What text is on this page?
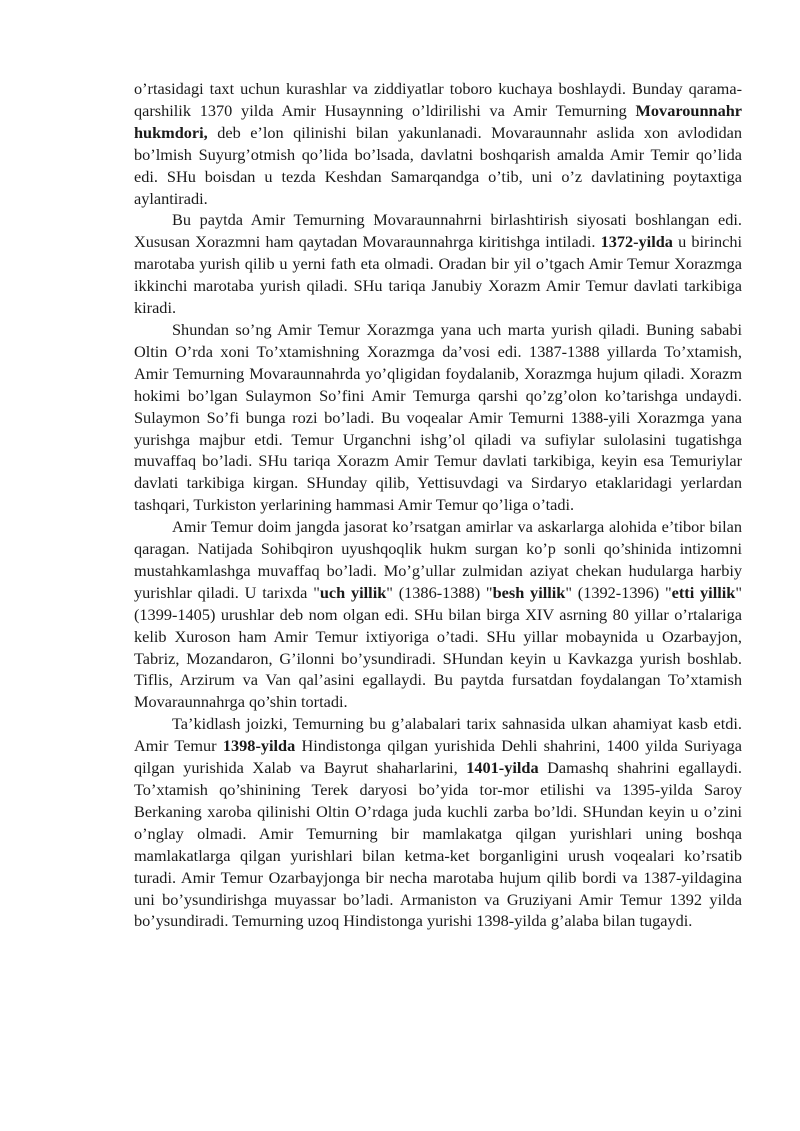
o’rtasidagi taxt uchun kurashlar va ziddiyatlar toboro kuchaya boshlaydi. Bunday qarama-qarshilik 1370 yilda Amir Husaynning o’ldirilishi va Amir Temurning Movarounnahr hukmdori, deb e’lon qilinishi bilan yakunlanadi. Movaraunnahr aslida xon avlodidan bo’lmish Suyurg’otmish qo’lida bo’lsada, davlatni boshqarish amalda Amir Temir qo’lida edi. SHu boisdan u tezda Keshdan Samarqandga o’tib, uni o’z davlatining poytaxtiga aylantiradi.

Bu paytda Amir Temurning Movaraunnahrni birlashtirish siyosati boshlangan edi. Xususan Xorazmni ham qaytadan Movaraunnahrga kiritishga intiladi. 1372-yilda u birinchi marotaba yurish qilib u yerni fath eta olmadi. Oradan bir yil o’tgach Amir Temur Xorazmga ikkinchi marotaba yurish qiladi. SHu tariqa Janubiy Xorazm Amir Temur davlati tarkibiga kiradi.

Shundan so’ng Amir Temur Xorazmga yana uch marta yurish qiladi. Buning sababi Oltin O’rda xoni To’xtamishning Xorazmga da’vosi edi. 1387-1388 yillarda To’xtamish, Amir Temurning Movaraunnahrda yo’qligidan foydalanib, Xorazmga hujum qiladi. Xorazm hokimi bo’lgan Sulaymon So’fini Amir Temurga qarshi qo’zg’olon ko’tarishga undaydi. Sulaymon So’fi bunga rozi bo’ladi. Bu voqealar Amir Temurni 1388-yili Xorazmga yana yurishga majbur etdi. Temur Urganchni ishg’ol qiladi va sufiylar sulolasini tugatishga muvaffaq bo’ladi. SHu tariqa Xorazm Amir Temur davlati tarkibiga, keyin esa Temuriylar davlati tarkibiga kirgan. SHunday qilib, Yettisuvdagi va Sirdaryo etaklaridagi yerlardan tashqari, Turkiston yerlarining hammasi Amir Temur qo’liga o’tadi.

Amir Temur doim jangda jasorat ko’rsatgan amirlar va askarlarga alohida e’tibor bilan qaragan. Natijada Sohibqiron uyushqoqlik hukm surgan ko’p sonli qo’shinida intizomni mustahkamlashga muvaffaq bo’ladi. Mo’g’ullar zulmidan aziyat chekan hudularga harbiy yurishlar qiladi. U tarixda "uch yillik" (1386-1388) "besh yillik" (1392-1396) "etti yillik" (1399-1405) urushlar deb nom olgan edi. SHu bilan birga XIV asrning 80 yillar o’rtalariga kelib Xuroson ham Amir Temur ixtiyoriga o’tadi. SHu yillar mobaynida u Ozarbayjon, Tabriz, Mozandaron, G’ilonni bo’ysundiradi. SHundan keyin u Kavkazga yurish boshlab. Tiflis, Arzirum va Van qal’asini egallaydi. Bu paytda fursatdan foydalangan To’xtamish Movaraunnahrga qo’shin tortadi.

Ta’kidlash joizki, Temurning bu g’alabalari tarix sahnasida ulkan ahamiyat kasb etdi. Amir Temur 1398-yilda Hindistonga qilgan yurishida Dehli shahrini, 1400 yilda Suriyaga qilgan yurishida Xalab va Bayrut shaharlarini, 1401-yilda Damashq shahrini egallaydi. To’xtamish qo’shinining Terek daryosi bo’yida tor-mor etilishi va 1395-yilda Saroy Berkaning xaroba qilinishi Oltin O’rdaga juda kuchli zarba bo’ldi. SHundan keyin u o’zini o’nglay olmadi. Amir Temurning bir mamlakatga qilgan yurishlari uning boshqa mamlakatlarga qilgan yurishlari bilan ketma-ket borganligini urush voqealari ko’rsatib turadi. Amir Temur Ozarbayjonga bir necha marotaba hujum qilib bordi va 1387-yildagina uni bo’ysundirishga muyassar bo’ladi. Armaniston va Gruziyani Amir Temur 1392 yilda bo’ysundiradi. Temurning uzoq Hindistonga yurishi 1398-yilda g’alaba bilan tugaydi.
